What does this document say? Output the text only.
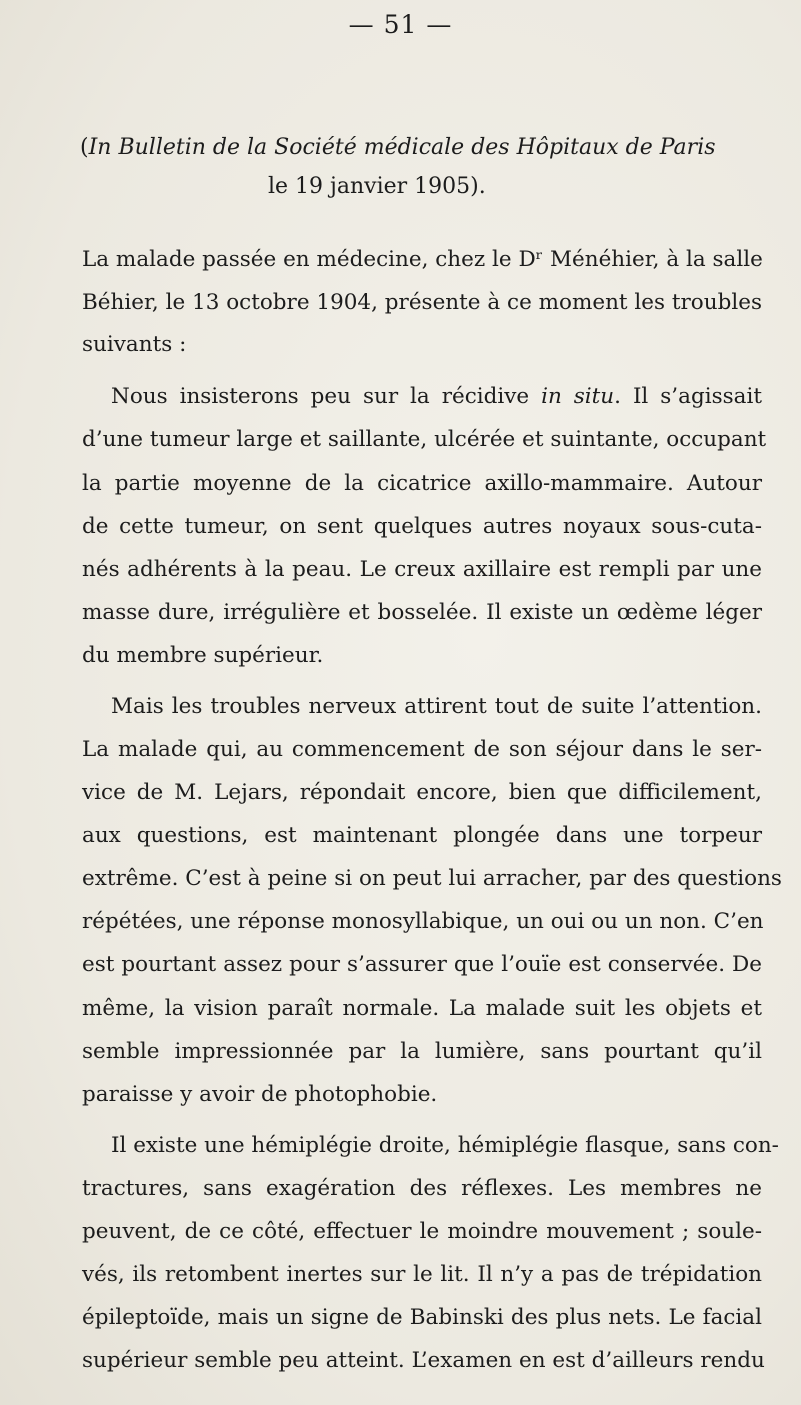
— 51 —
(In Bulletin de la Société médicale des Hôpitaux de Paris
le 19 janvier 1905).
La malade passée en médecine, chez le Dʳ Ménéhier, à la salle
Béhier, le 13 octobre 1904, présente à ce moment les troubles
suivants :
Nous insisterons peu sur la récidive in situ. Il s’agissait
d’une tumeur large et saillante, ulcérée et suintante, occupant
la partie moyenne de la cicatrice axillo-mammaire. Autour
de cette tumeur, on sent quelques autres noyaux sous-cuta-
nés adhérents à la peau. Le creux axillaire est rempli par une
masse dure, irrégulière et bosselée. Il existe un œdème léger
du membre supérieur.
Mais les troubles nerveux attirent tout de suite l’attention.
La malade qui, au commencement de son séjour dans le ser-
vice de M. Lejars, répondait encore, bien que difficilement,
aux questions, est maintenant plongée dans une torpeur
extrême. C’est à peine si on peut lui arracher, par des questions
répétées, une réponse monosyllabique, un oui ou un non. C’en
est pourtant assez pour s’assurer que l’ouïe est conservée. De
même, la vision paraît normale. La malade suit les objets et
semble impressionnée par la lumière, sans pourtant qu’il
paraisse y avoir de photophobie.
Il existe une hémiplégie droite, hémiplégie flasque, sans con-
tractures, sans exagération des réflexes. Les membres ne
peuvent, de ce côté, effectuer le moindre mouvement ; soule-
vés, ils retombent inertes sur le lit. Il n’y a pas de trépidation
épileptoïde, mais un signe de Babinski des plus nets. Le facial
supérieur semble peu atteint. L’examen en est d’ailleurs rendu
